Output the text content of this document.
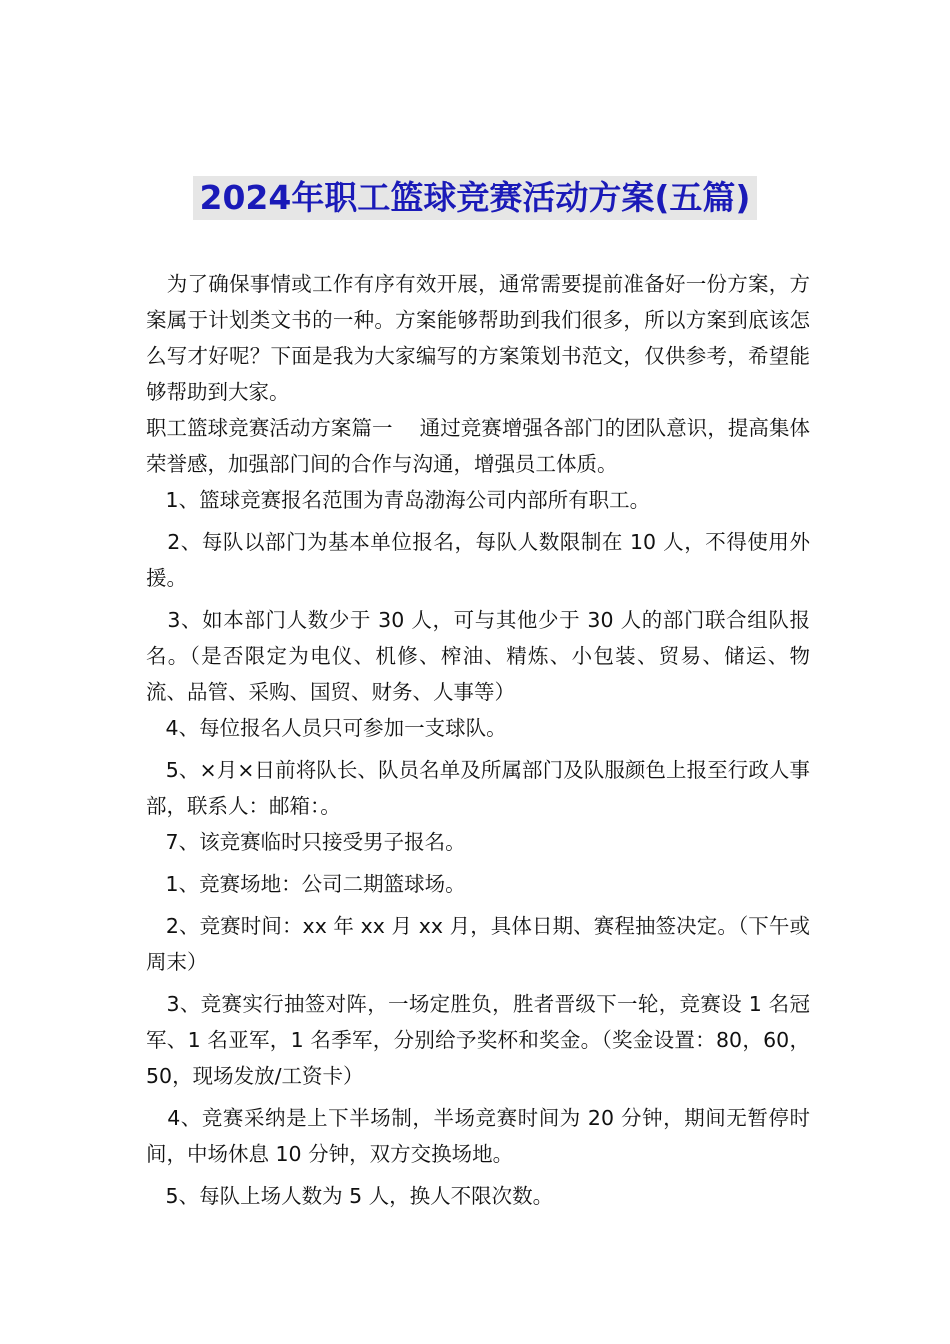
2024年职工篮球竞赛活动方案(五篇)

　为了确保事情或工作有序有效开展，通常需要提前准备好一份方案，方案属于计划类文书的一种。方案能够帮助到我们很多，所以方案到底该怎么写才好呢？下面是我为大家编写的方案策划书范文，仅供参考，希望能够帮助到大家。

职工篮球竞赛活动方案篇一　 通过竞赛增强各部门的团队意识，提高集体荣誉感，加强部门间的合作与沟通，增强员工体质。

1、篮球竞赛报名范围为青岛渤海公司内部所有职工。

2、每队以部门为基本单位报名，每队人数限制在 10 人，不得使用外援。

3、如本部门人数少于 30 人，可与其他少于 30 人的部门联合组队报名。（是否限定为电仪、机修、榨油、精炼、小包装、贸易、储运、物流、品管、采购、国贸、财务、人事等）

4、每位报名人员只可参加一支球队。

5、×月×日前将队长、队员名单及所属部门及队服颜色上报至行政人事部，联系人：邮箱：。

7、该竞赛临时只接受男子报名。

1、竞赛场地：公司二期篮球场。

2、竞赛时间：xx 年 xx 月 xx 月，具体日期、赛程抽签决定。（下午或周末）

3、竞赛实行抽签对阵，一场定胜负，胜者晋级下一轮，竞赛设 1 名冠军、1 名亚军，1 名季军，分别给予奖杯和奖金。（奖金设置：80，60，50，现场发放/工资卡）

4、竞赛采纳是上下半场制，半场竞赛时间为 20 分钟，期间无暂停时间，中场休息 10 分钟，双方交换场地。

5、每队上场人数为 5 人，换人不限次数。
